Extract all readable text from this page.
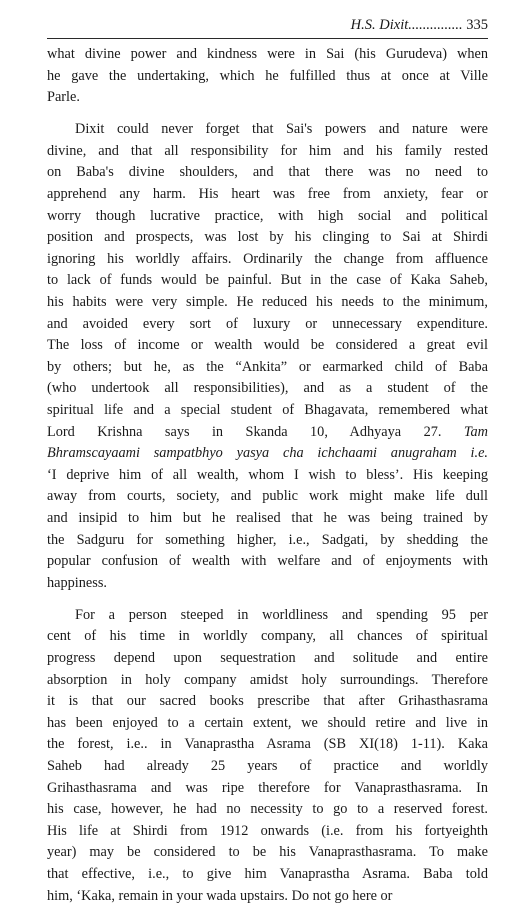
H.S. Dixit............... 335
what divine power and kindness were in Sai (his Gurudeva) when
he gave the undertaking, which he fulfilled thus at once at Ville
Parle.
Dixit could never forget that Sai's powers and nature were
divine, and that all responsibility for him and his family rested
on Baba's divine shoulders, and that there was no need to
apprehend any harm. His heart was free from anxiety, fear or
worry though lucrative practice, with high social and political
position and prospects, was lost by his clinging to Sai at Shirdi
ignoring his worldly affairs. Ordinarily the change from affluence
to lack of funds would be painful. But in the case of Kaka Saheb,
his habits were very simple. He reduced his needs to the minimum,
and avoided every sort of luxury or unnecessary expenditure.
The loss of income or wealth would be considered a great evil
by others; but he, as the “Ankita” or earmarked child of Baba
(who undertook all responsibilities), and as a student of the
spiritual life and a special student of Bhagavata, remembered what
Lord Krishna says in Skanda 10, Adhyaya 27. Tam
Bhramscayaami sampatbhyo yasya cha ichchaami anugraham i.e.
‘I deprive him of all wealth, whom I wish to bless’. His keeping
away from courts, society, and public work might make life dull
and insipid to him but he realised that he was being trained by
the Sadguru for something higher, i.e., Sadgati, by shedding the
popular confusion of wealth with welfare and of enjoyments with
happiness.
For a person steeped in worldliness and spending 95 per
cent of his time in worldly company, all chances of spiritual
progress depend upon sequestration and solitude and entire
absorption in holy company amidst holy surroundings. Therefore
it is that our sacred books prescribe that after Grihasthasrama
has been enjoyed to a certain extent, we should retire and live in
the forest, i.e.. in Vanaprastha Asrama (SB XI(18) 1-11). Kaka
Saheb had already 25 years of practice and worldly
Grihasthasrama and was ripe therefore for Vanaprasthasrama. In
his case, however, he had no necessity to go to a reserved forest.
His life at Shirdi from 1912 onwards (i.e. from his fortyeighth
year) may be considered to be his Vanaprasthasrama. To make
that effective, i.e., to give him Vanaprastha Asrama. Baba told
him, ‘Kaka, remain in your wada upstairs. Do not go here or
